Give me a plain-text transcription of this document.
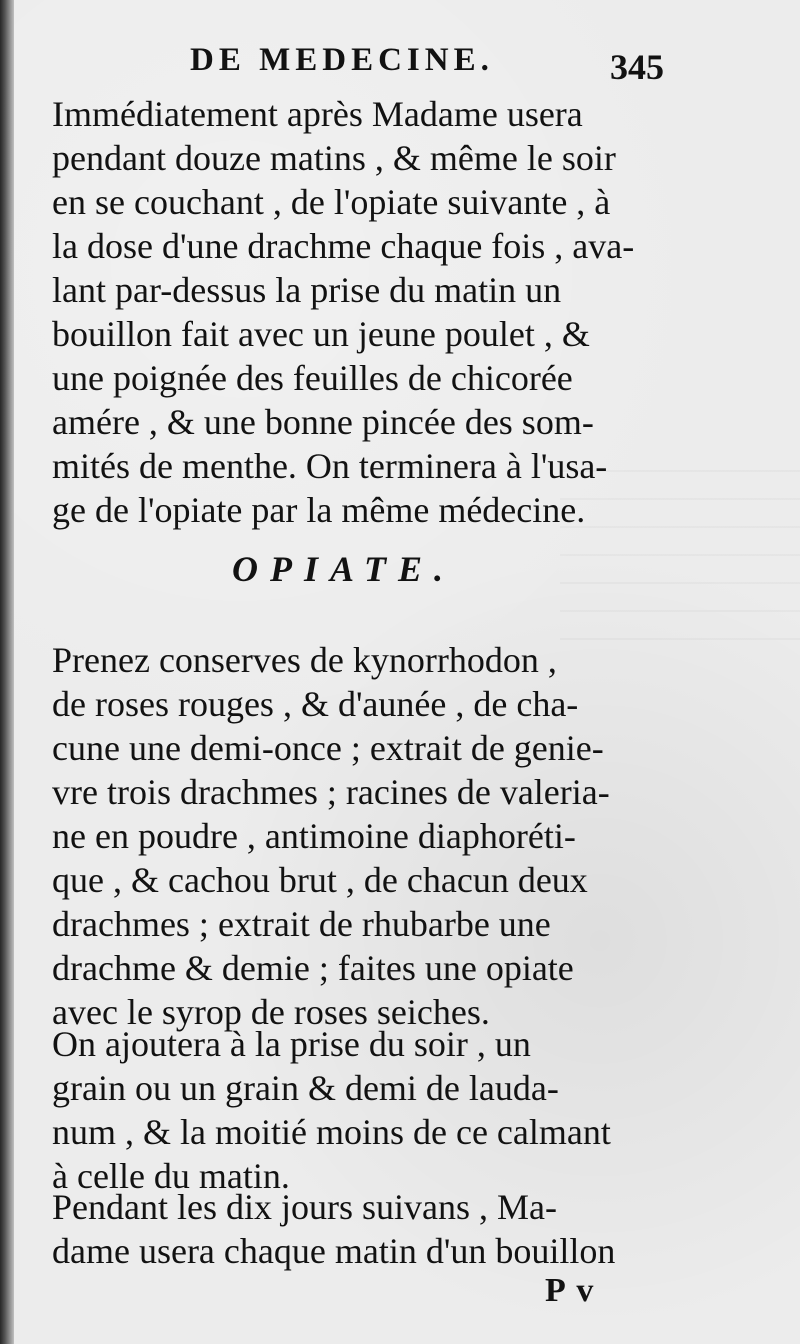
DE MEDECINE.	345

Immédiatement après Madame usera
pendant douze matins , & même le soir
en se couchant , de l'opiate suivante , à
la dose d'une drachme chaque fois , ava-
lant par-dessus la prise du matin un
bouillon fait avec un jeune poulet , &
une poignée des feuilles de chicorée
amére , & une bonne pincée des som-
mités de menthe. On terminera à l'usa-
ge de l'opiate par la même médecine.

OPIATE.

Prenez conserves de kynorrhodon ,
de roses rouges , & d'aunée , de cha-
cune une demi-once ; extrait de genie-
vre trois drachmes ; racines de valeria-
ne en poudre , antimoine diaphoréti-
que , & cachou brut , de chacun deux
drachmes ; extrait de rhubarbe une
drachme & demie ; faites une opiate
avec le syrop de roses seiches.

On ajoutera à la prise du soir , un
grain ou un grain & demi de lauda-
num , & la moitié moins de ce calmant
à celle du matin.

Pendant les dix jours suivans , Ma-
dame usera chaque matin d'un bouillon

P v
